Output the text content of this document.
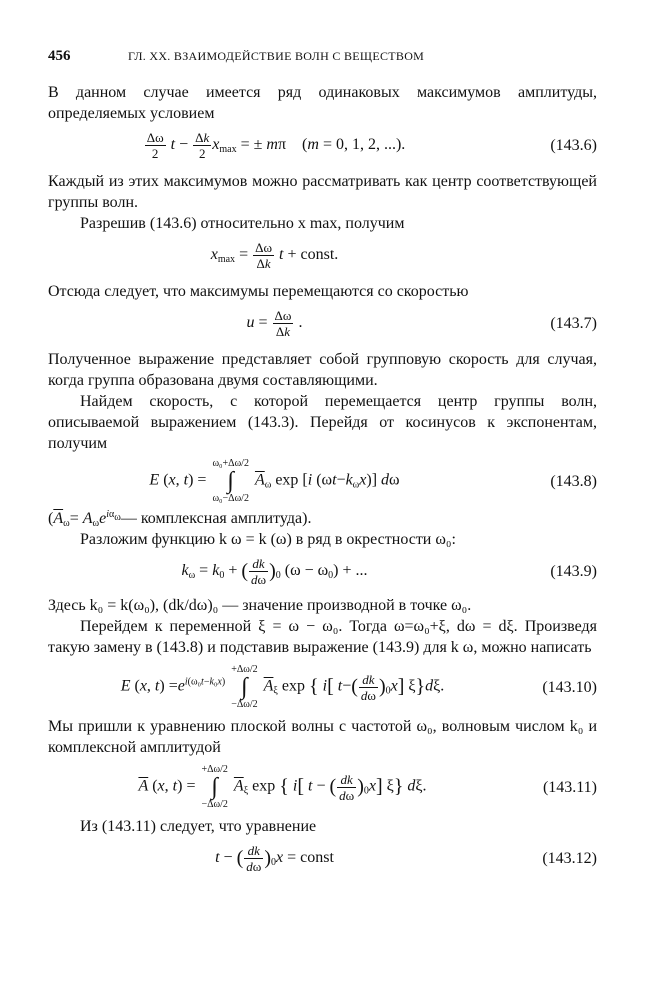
456	ГЛ. XX. ВЗАИМОДЕЙСТВИЕ ВОЛН С ВЕЩЕСТВОМ

В данном случае имеется ряд одинаковых максимумов амплитуды, определяемых условием

$\frac{\Delta\omega}{2}$ $t - \frac{\Delta k}{2} x_{max}$ = ± mπ    (m = 0, 1, 2, ...).	(143.6)

Каждый из этих максимумов можно рассматривать как центр соответствующей группы волн.

Разрешив (143.6) относительно x max, получим

$x_{max} = \frac{\Delta\omega}{\Delta k}$ t + const.

Отсюда следует, что максимумы перемещаются со скоростью

$u = \frac{\Delta\omega}{\Delta k}$ .	(143.7)

Полученное выражение представляет собой групповую скорость для случая, когда группа образована двумя составляющими.

Найдем скорость, с которой перемещается центр группы волн, описываемой выражением (143.3). Перейдя от косинусов к экспонентам, получим

E (x, t) = ω₀+Δω/2
∫
ω₀−Δω/2 $\overline{A}_\omega$ exp [i $(\omega t-k_\omega x)$] dω	(143.8)

($\overline{A}_\omega=$ $A_\omega e^{i\alpha_\omega}—$ комплексная амплитуда).

Разложим функцию k ω = k (ω) в ряд в окрестности ω₀:

$k_\omega = k_0$ + ( $\frac{dk}{d\omega} )_0$ $(\omega - \omega_0)$ + ...	(143.9)

Здесь k₀ = k(ω₀), (dk/dω)₀ — значение производной в точке ω₀.

Перейдем к переменной ξ = ω − ω₀. Тогда ω=ω₀+ξ, dω = dξ. Произведя такую замену в (143.8) и подставив выражение (143.9) для k ω, можно написать

E (x, $t) =e^{i(\omega_0t-k_0x)} +\Delta\omega/2$
∫
−Δω/2 $\overline{A}_\xi$ exp { i[ $t-( \frac{dk}{d\omega} )_0x$] ξ}dξ.	(143.10)

Мы пришли к уравнению плоской волны с частотой ω₀, волновым числом k₀ и комплексной амплитудой

$\overline{A}$ (x, t) = +Δω/2
∫
−Δω/2 $\overline{A}_\xi$ exp { i[ t − ( $\frac{dk}{d\omega} )_0x$] ξ} dξ.	(143.11)

Из (143.11) следует, что уравнение

t − ( $\frac{dk}{d\omega} )_0x$ = const	(143.12)
